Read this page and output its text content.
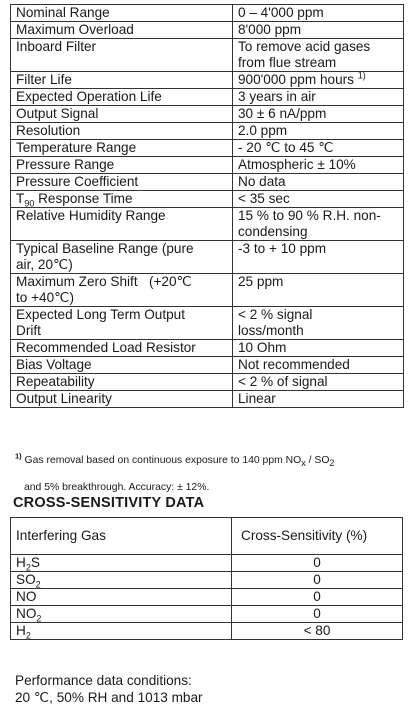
Nominal Range	0 – 4'000 ppm
Maximum Overload	8'000 ppm
Inboard Filter	To remove acid gases
from flue stream
Filter Life	900'000 ppm hours $^{1)}$
Expected Operation Life	3 years in air
Output Signal	30 ± 6 nA/ppm
Resolution	2.0 ppm
Temperature Range	- 20 ℃ to 45 ℃
Pressure Range	Atmospheric ± 10%
Pressure Coefficient	No data
$T_{90}$ Response Time	< 35 sec
Relative Humidity Range	15 % to 90 % R.H. non-
condensing
Typical Baseline Range (pure
air, 20℃)	-3 to + 10 ppm
Maximum Zero Shift   (+20℃
to +40℃)	25 ppm
Expected Long Term Output
Drift	< 2 % signal
loss/month
Recommended Load Resistor	10 Ohm
Bias Voltage	Not recommended
Repeatability	< 2 % of signal
Output Linearity	Linear

$^{1)}$ Gas removal based on continuous exposure to 140 ppm $NO_x / SO_2$

and 5% breakthrough. Accuracy: ± 12%.

CROSS-SENSITIVITY DATA
Interfering Gas	Cross-Sensitivity (%)
$H_2S$	0
$SO_2$	0
NO	0
$NO_2$	0
$H_2$	< 80
Performance data conditions:
20 ℃, 50% RH and 1013 mbar
